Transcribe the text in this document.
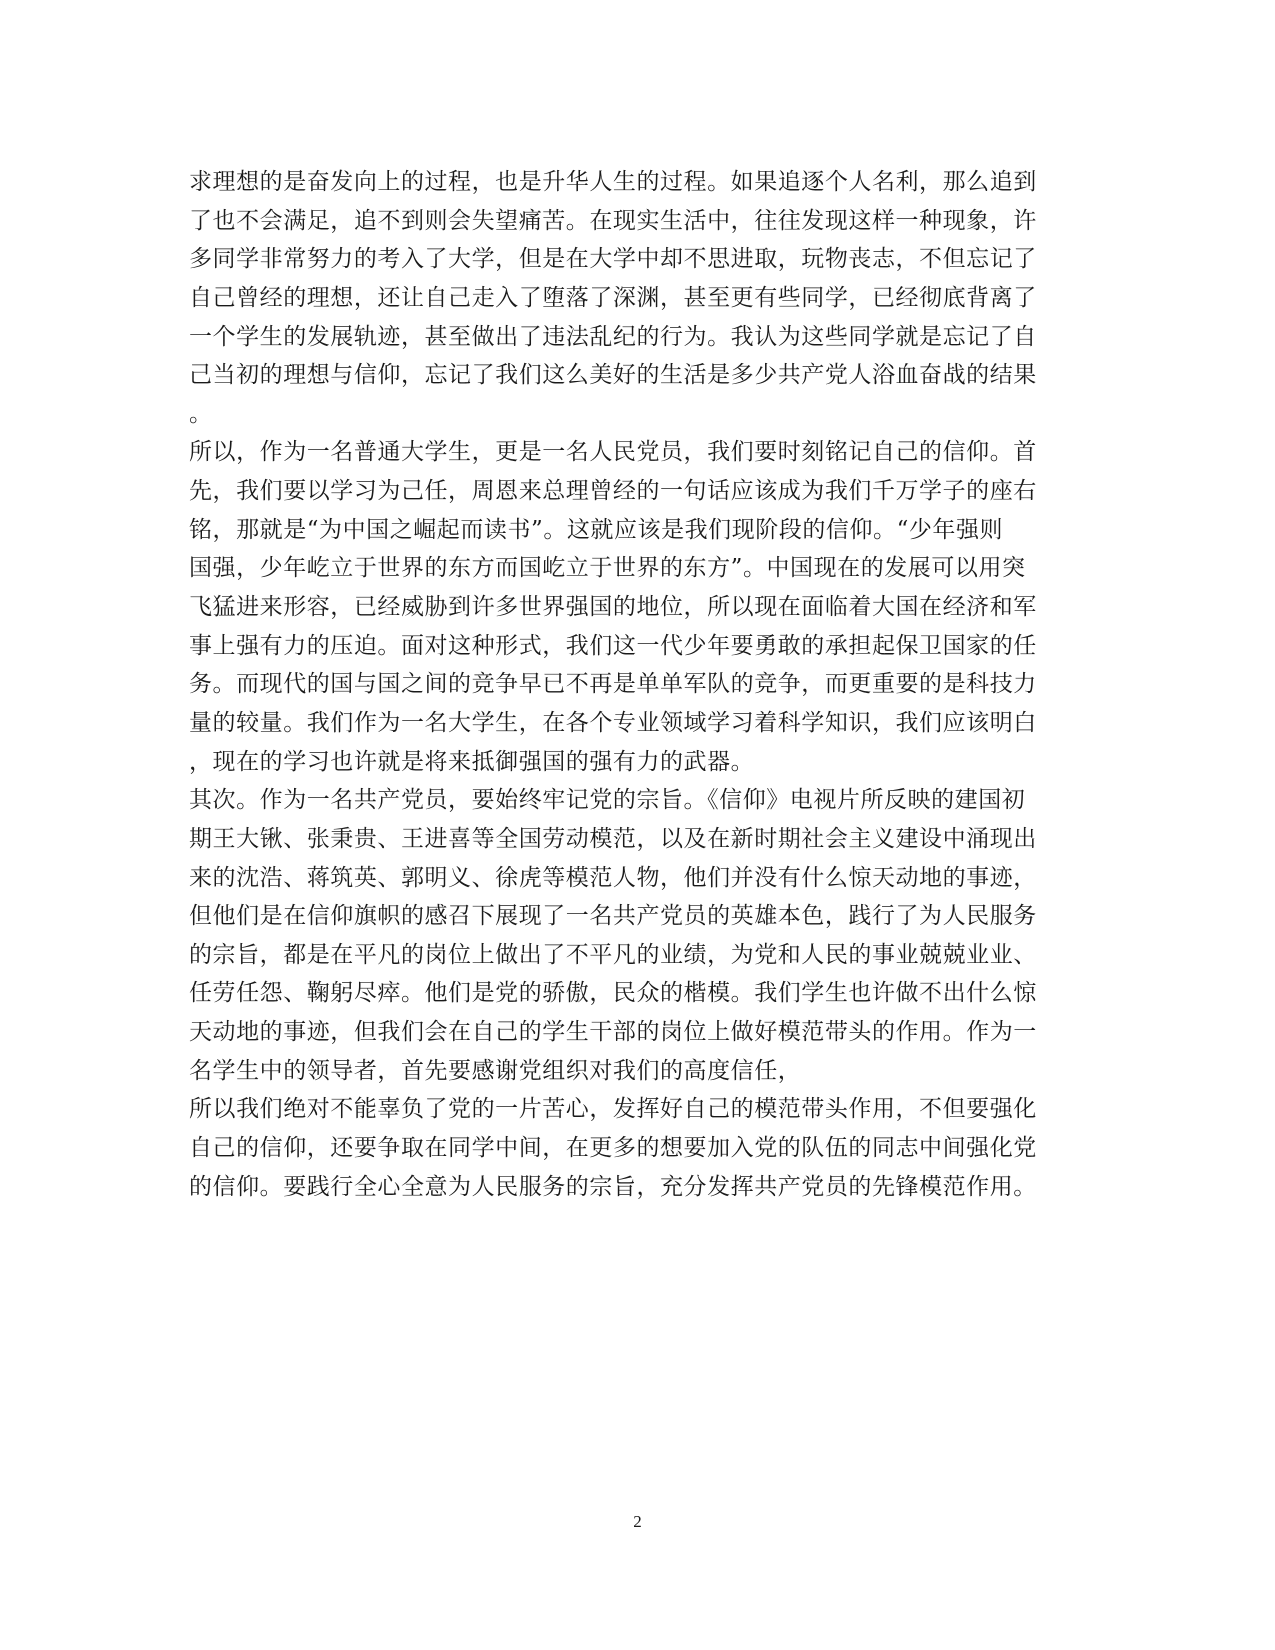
求理想的是奋发向上的过程，也是升华人生的过程。如果追逐个人名利，那么追到
了也不会满足，追不到则会失望痛苦。在现实生活中，往往发现这样一种现象，许
多同学非常努力的考入了大学，但是在大学中却不思进取，玩物丧志，不但忘记了
自己曾经的理想，还让自己走入了堕落了深渊，甚至更有些同学，已经彻底背离了
一个学生的发展轨迹，甚至做出了违法乱纪的行为。我认为这些同学就是忘记了自
己当初的理想与信仰，忘记了我们这么美好的生活是多少共产党人浴血奋战的结果
。
所以，作为一名普通大学生，更是一名人民党员，我们要时刻铭记自己的信仰。首
先，我们要以学习为己任，周恩来总理曾经的一句话应该成为我们千万学子的座右
铭，那就是“为中国之崛起而读书”。这就应该是我们现阶段的信仰。“少年强则
国强，少年屹立于世界的东方而国屹立于世界的东方”。中国现在的发展可以用突
飞猛进来形容，已经威胁到许多世界强国的地位，所以现在面临着大国在经济和军
事上强有力的压迫。面对这种形式，我们这一代少年要勇敢的承担起保卫国家的任
务。而现代的国与国之间的竞争早已不再是单单军队的竞争，而更重要的是科技力
量的较量。我们作为一名大学生，在各个专业领域学习着科学知识，我们应该明白
，现在的学习也许就是将来抵御强国的强有力的武器。
其次。作为一名共产党员，要始终牢记党的宗旨。《信仰》电视片所反映的建国初
期王大锹、张秉贵、王进喜等全国劳动模范，以及在新时期社会主义建设中涌现出
来的沈浩、蒋筑英、郭明义、徐虎等模范人物，他们并没有什么惊天动地的事迹，
但他们是在信仰旗帜的感召下展现了一名共产党员的英雄本色，践行了为人民服务
的宗旨，都是在平凡的岗位上做出了不平凡的业绩，为党和人民的事业兢兢业业、
任劳任怨、鞠躬尽瘁。他们是党的骄傲，民众的楷模。我们学生也许做不出什么惊
天动地的事迹，但我们会在自己的学生干部的岗位上做好模范带头的作用。作为一
名学生中的领导者，首先要感谢党组织对我们的高度信任，
所以我们绝对不能辜负了党的一片苦心，发挥好自己的模范带头作用，不但要强化
自己的信仰，还要争取在同学中间，在更多的想要加入党的队伍的同志中间强化党
的信仰。要践行全心全意为人民服务的宗旨，充分发挥共产党员的先锋模范作用。
2
